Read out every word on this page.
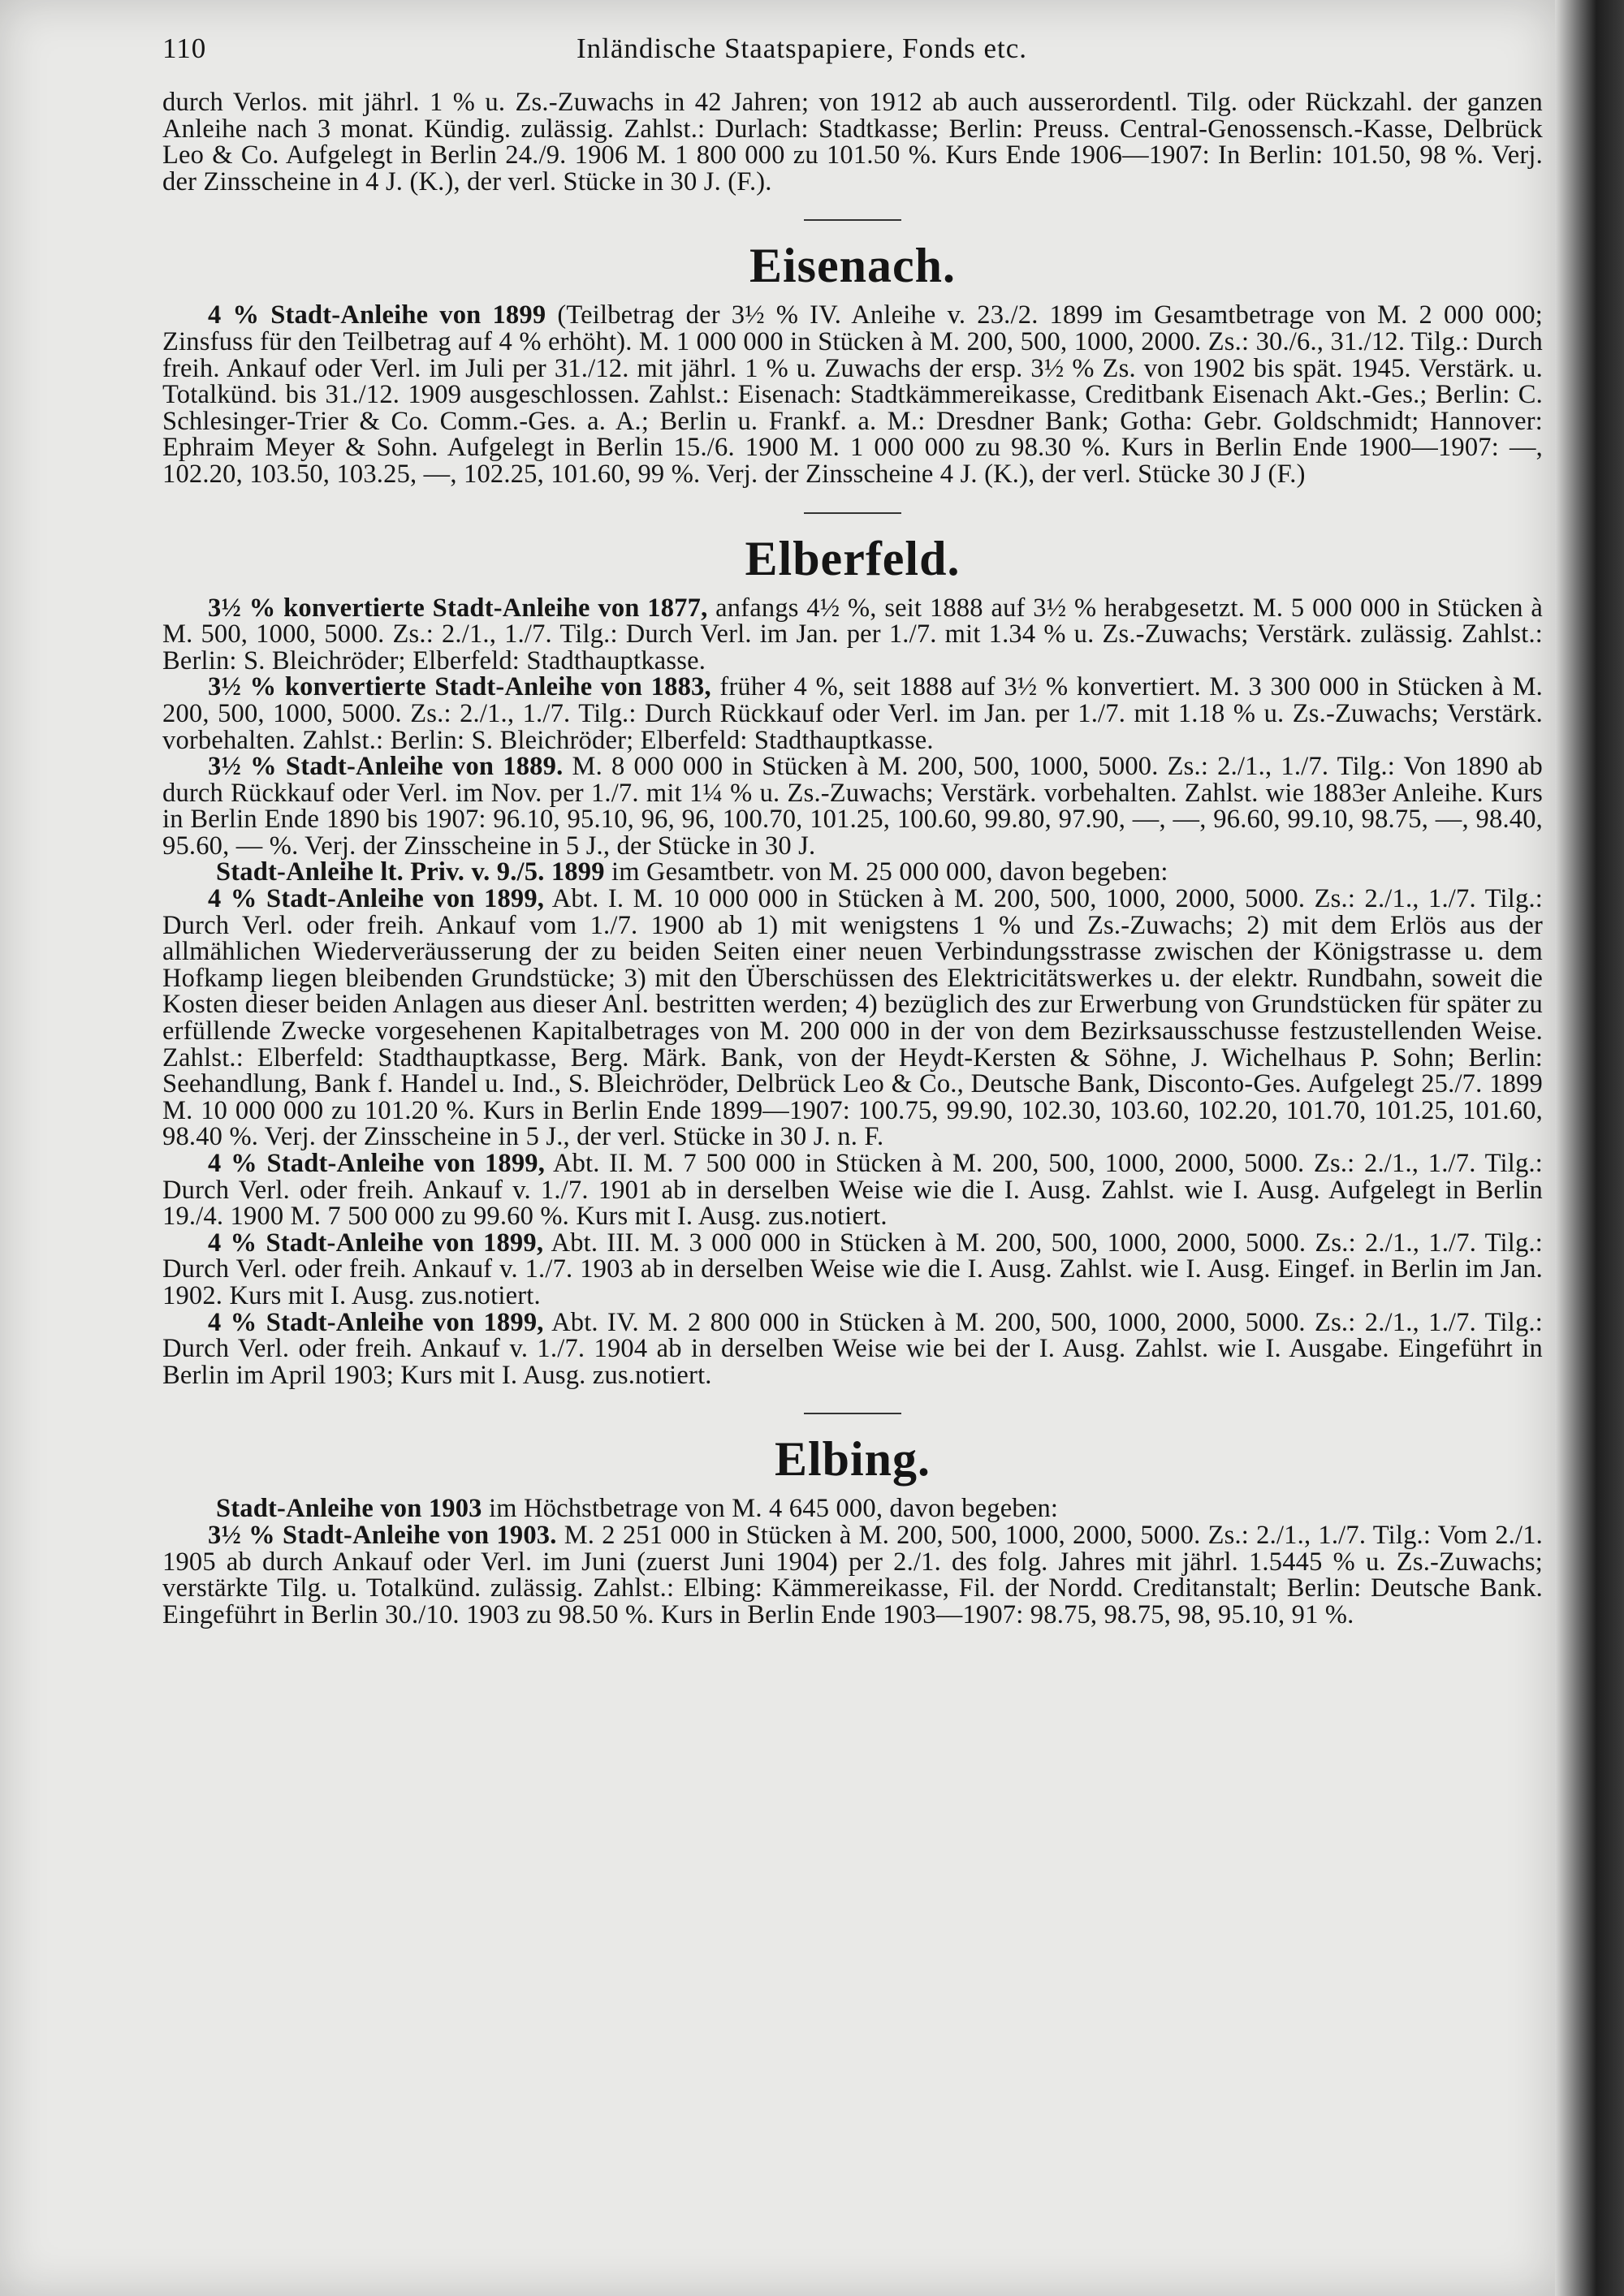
110	Inländische Staatspapiere, Fonds etc.

durch Verlos. mit jährl. 1 % u. Zs.-Zuwachs in 42 Jahren; von 1912 ab auch ausserordentl. Tilg. oder Rückzahl. der ganzen Anleihe nach 3 monat. Kündig. zulässig. Zahlst.: Durlach: Stadtkasse; Berlin: Preuss. Central-Genossensch.-Kasse, Delbrück Leo & Co. Aufgelegt in Berlin 24./9. 1906 M. 1 800 000 zu 101.50 %. Kurs Ende 1906—1907: In Berlin: 101.50, 98 %. Verj. der Zinsscheine in 4 J. (K.), der verl. Stücke in 30 J. (F.).

Eisenach.

4 % Stadt-Anleihe von 1899 (Teilbetrag der 3½ % IV. Anleihe v. 23./2. 1899 im Gesamtbetrage von M. 2 000 000; Zinsfuss für den Teilbetrag auf 4 % erhöht). M. 1 000 000 in Stücken à M. 200, 500, 1000, 2000. Zs.: 30./6., 31./12. Tilg.: Durch freih. Ankauf oder Verl. im Juli per 31./12. mit jährl. 1 % u. Zuwachs der ersp. 3½ % Zs. von 1902 bis spät. 1945. Verstärk. u. Totalkünd. bis 31./12. 1909 ausgeschlossen. Zahlst.: Eisenach: Stadtkämmereikasse, Creditbank Eisenach Akt.-Ges.; Berlin: C. Schlesinger-Trier & Co. Comm.-Ges. a. A.; Berlin u. Frankf. a. M.: Dresdner Bank; Gotha: Gebr. Goldschmidt; Hannover: Ephraim Meyer & Sohn. Aufgelegt in Berlin 15./6. 1900 M. 1 000 000 zu 98.30 %. Kurs in Berlin Ende 1900—1907: —, 102.20, 103.50, 103.25, —, 102.25, 101.60, 99 %. Verj. der Zinsscheine 4 J. (K.), der verl. Stücke 30 J (F.)

Elberfeld.

3½ % konvertierte Stadt-Anleihe von 1877, anfangs 4½ %, seit 1888 auf 3½ % herabgesetzt. M. 5 000 000 in Stücken à M. 500, 1000, 5000. Zs.: 2./1., 1./7. Tilg.: Durch Verl. im Jan. per 1./7. mit 1.34 % u. Zs.-Zuwachs; Verstärk. zulässig. Zahlst.: Berlin: S. Bleichröder; Elberfeld: Stadthauptkasse.

3½ % konvertierte Stadt-Anleihe von 1883, früher 4 %, seit 1888 auf 3½ % konvertiert. M. 3 300 000 in Stücken à M. 200, 500, 1000, 5000. Zs.: 2./1., 1./7. Tilg.: Durch Rückkauf oder Verl. im Jan. per 1./7. mit 1.18 % u. Zs.-Zuwachs; Verstärk. vorbehalten. Zahlst.: Berlin: S. Bleichröder; Elberfeld: Stadthauptkasse.

3½ % Stadt-Anleihe von 1889. M. 8 000 000 in Stücken à M. 200, 500, 1000, 5000. Zs.: 2./1., 1./7. Tilg.: Von 1890 ab durch Rückkauf oder Verl. im Nov. per 1./7. mit 1¼ % u. Zs.-Zuwachs; Verstärk. vorbehalten. Zahlst. wie 1883er Anleihe. Kurs in Berlin Ende 1890 bis 1907: 96.10, 95.10, 96, 96, 100.70, 101.25, 100.60, 99.80, 97.90, —, —, 96.60, 99.10, 98.75, —, 98.40, 95.60, — %. Verj. der Zinsscheine in 5 J., der Stücke in 30 J.

Stadt-Anleihe lt. Priv. v. 9./5. 1899 im Gesamtbetr. von M. 25 000 000, davon begeben:

4 % Stadt-Anleihe von 1899, Abt. I. M. 10 000 000 in Stücken à M. 200, 500, 1000, 2000, 5000. Zs.: 2./1., 1./7. Tilg.: Durch Verl. oder freih. Ankauf vom 1./7. 1900 ab 1) mit wenigstens 1 % und Zs.-Zuwachs; 2) mit dem Erlös aus der allmählichen Wiederveräusserung der zu beiden Seiten einer neuen Verbindungsstrasse zwischen der Königstrasse u. dem Hofkamp liegen bleibenden Grundstücke; 3) mit den Überschüssen des Elektricitätswerkes u. der elektr. Rundbahn, soweit die Kosten dieser beiden Anlagen aus dieser Anl. bestritten werden; 4) bezüglich des zur Erwerbung von Grundstücken für später zu erfüllende Zwecke vorgesehenen Kapitalbetrages von M. 200 000 in der von dem Bezirksausschusse festzustellenden Weise. Zahlst.: Elberfeld: Stadthauptkasse, Berg. Märk. Bank, von der Heydt-Kersten & Söhne, J. Wichelhaus P. Sohn; Berlin: Seehandlung, Bank f. Handel u. Ind., S. Bleichröder, Delbrück Leo & Co., Deutsche Bank, Disconto-Ges. Aufgelegt 25./7. 1899 M. 10 000 000 zu 101.20 %. Kurs in Berlin Ende 1899—1907: 100.75, 99.90, 102.30, 103.60, 102.20, 101.70, 101.25, 101.60, 98.40 %. Verj. der Zinsscheine in 5 J., der verl. Stücke in 30 J. n. F.

4 % Stadt-Anleihe von 1899, Abt. II. M. 7 500 000 in Stücken à M. 200, 500, 1000, 2000, 5000. Zs.: 2./1., 1./7. Tilg.: Durch Verl. oder freih. Ankauf v. 1./7. 1901 ab in derselben Weise wie die I. Ausg. Zahlst. wie I. Ausg. Aufgelegt in Berlin 19./4. 1900 M. 7 500 000 zu 99.60 %. Kurs mit I. Ausg. zus.notiert.

4 % Stadt-Anleihe von 1899, Abt. III. M. 3 000 000 in Stücken à M. 200, 500, 1000, 2000, 5000. Zs.: 2./1., 1./7. Tilg.: Durch Verl. oder freih. Ankauf v. 1./7. 1903 ab in derselben Weise wie die I. Ausg. Zahlst. wie I. Ausg. Eingef. in Berlin im Jan. 1902. Kurs mit I. Ausg. zus.notiert.

4 % Stadt-Anleihe von 1899, Abt. IV. M. 2 800 000 in Stücken à M. 200, 500, 1000, 2000, 5000. Zs.: 2./1., 1./7. Tilg.: Durch Verl. oder freih. Ankauf v. 1./7. 1904 ab in derselben Weise wie bei der I. Ausg. Zahlst. wie I. Ausgabe. Eingeführt in Berlin im April 1903; Kurs mit I. Ausg. zus.notiert.

Elbing.

Stadt-Anleihe von 1903 im Höchstbetrage von M. 4 645 000, davon begeben:

3½ % Stadt-Anleihe von 1903. M. 2 251 000 in Stücken à M. 200, 500, 1000, 2000, 5000. Zs.: 2./1., 1./7. Tilg.: Vom 2./1. 1905 ab durch Ankauf oder Verl. im Juni (zuerst Juni 1904) per 2./1. des folg. Jahres mit jährl. 1.5445 % u. Zs.-Zuwachs; verstärkte Tilg. u. Totalkünd. zulässig. Zahlst.: Elbing: Kämmereikasse, Fil. der Nordd. Creditanstalt; Berlin: Deutsche Bank. Eingeführt in Berlin 30./10. 1903 zu 98.50 %. Kurs in Berlin Ende 1903—1907: 98.75, 98.75, 98, 95.10, 91 %.
